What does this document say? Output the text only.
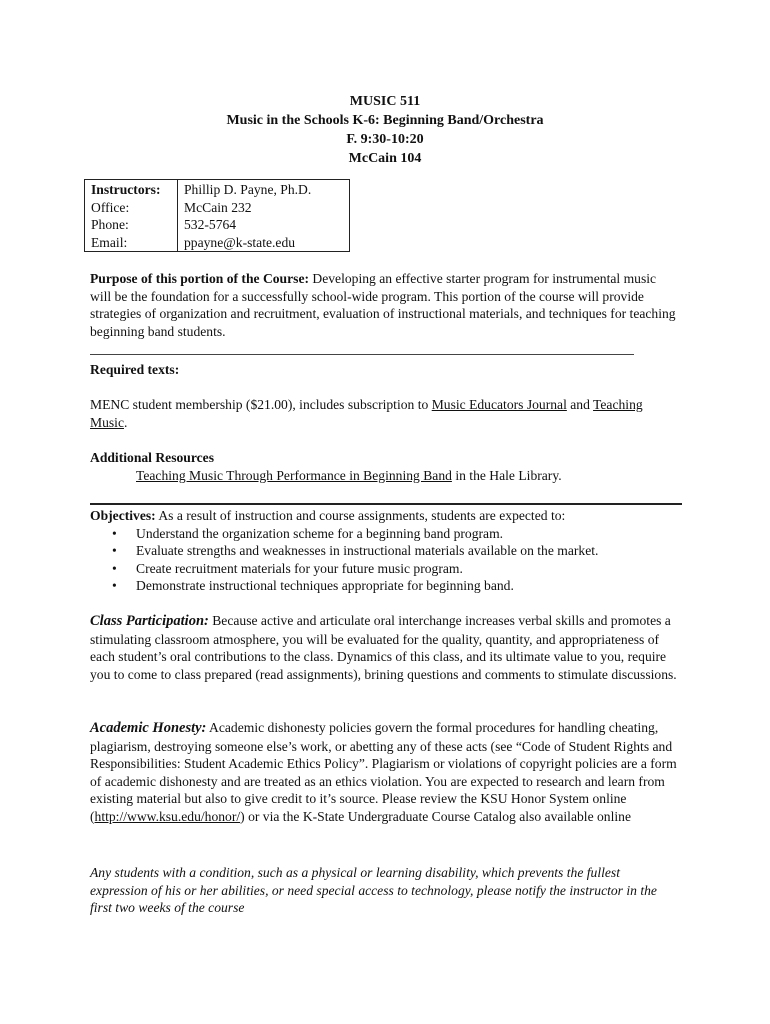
MUSIC 511
Music in the Schools K-6: Beginning Band/Orchestra
F. 9:30-10:20
McCain 104
Instructors:	Phillip D. Payne, Ph.D.
Office:	McCain 232
Phone:	532-5764
Email:	ppayne@k-state.edu
Purpose of this portion of the Course: Developing an effective starter program for instrumental music will be the foundation for a successfully school-wide program. This portion of the course will provide strategies of organization and recruitment, evaluation of instructional materials, and techniques for teaching beginning band students.
Required texts:
MENC student membership ($21.00), includes subscription to Music Educators Journal and Teaching Music.
Additional Resources
Teaching Music Through Performance in Beginning Band in the Hale Library.
Objectives: As a result of instruction and course assignments, students are expected to:
• Understand the organization scheme for a beginning band program.
• Evaluate strengths and weaknesses in instructional materials available on the market.
• Create recruitment materials for your future music program.
• Demonstrate instructional techniques appropriate for beginning band.
Class Participation: Because active and articulate oral interchange increases verbal skills and promotes a stimulating classroom atmosphere, you will be evaluated for the quality, quantity, and appropriateness of each student’s oral contributions to the class. Dynamics of this class, and its ultimate value to you, require you to come to class prepared (read assignments), brining questions and comments to stimulate discussions.
Academic Honesty: Academic dishonesty policies govern the formal procedures for handling cheating, plagiarism, destroying someone else’s work, or abetting any of these acts (see “Code of Student Rights and Responsibilities: Student Academic Ethics Policy”. Plagiarism or violations of copyright policies are a form of academic dishonesty and are treated as an ethics violation. You are expected to research and learn from existing material but also to give credit to it’s source. Please review the KSU Honor System online (http://www.ksu.edu/honor/) or via the K-State Undergraduate Course Catalog also available online
Any students with a condition, such as a physical or learning disability, which prevents the fullest expression of his or her abilities, or need special access to technology, please notify the instructor in the first two weeks of the course
